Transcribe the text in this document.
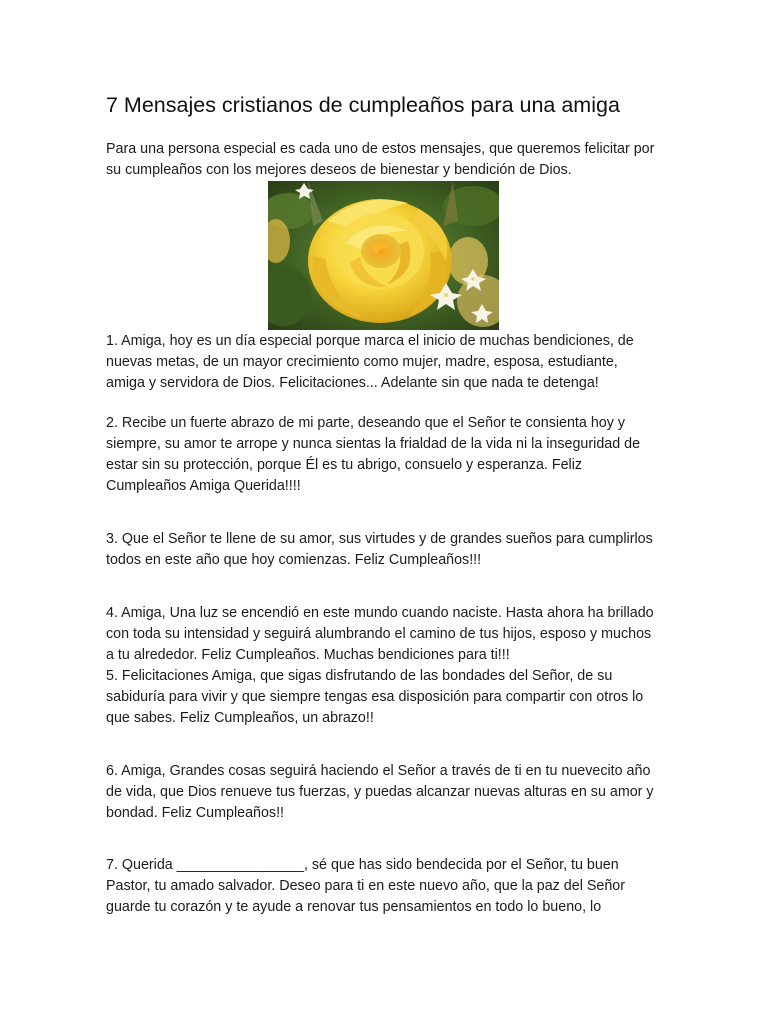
7 Mensajes cristianos de cumpleaños para una amiga

Para una persona especial es cada uno de estos mensajes, que queremos felicitar por
su cumpleaños con los mejores deseos de bienestar y bendición de Dios.

1. Amiga, hoy es un día especial porque marca el inicio de muchas bendiciones, de
nuevas metas, de un mayor crecimiento como mujer, madre, esposa, estudiante,
amiga y servidora de Dios. Felicitaciones... Adelante sin que nada te detenga!

2. Recibe un fuerte abrazo de mi parte, deseando que el Señor te consienta hoy y
siempre, su amor te arrope y nunca sientas la frialdad de la vida ni la inseguridad de
estar sin su protección, porque Él es tu abrigo, consuelo y esperanza. Feliz
Cumpleaños Amiga Querida!!!!

3. Que el Señor te llene de su amor, sus virtudes y de grandes sueños para cumplirlos
todos en este año que hoy comienzas. Feliz Cumpleaños!!!

4. Amiga, Una luz se encendió en este mundo cuando naciste. Hasta ahora ha brillado
con toda su intensidad y seguirá alumbrando el camino de tus hijos, esposo y muchos
a tu alrededor. Feliz Cumpleaños. Muchas bendiciones para ti!!!
5. Felicitaciones Amiga, que sigas disfrutando de las bondades del Señor, de su
sabiduría para vivir y que siempre tengas esa disposición para compartir con otros lo
que sabes. Feliz Cumpleaños, un abrazo!!

6. Amiga, Grandes cosas seguirá haciendo el Señor a través de ti en tu nuevecito año
de vida, que Dios renueve tus fuerzas, y puedas alcanzar nuevas alturas en su amor y
bondad. Feliz Cumpleaños!!

7. Querida ________________, sé que has sido bendecida por el Señor, tu buen
Pastor, tu amado salvador. Deseo para ti en este nuevo año, que la paz del Señor
guarde tu corazón y te ayude a renovar tus pensamientos en todo lo bueno, lo
